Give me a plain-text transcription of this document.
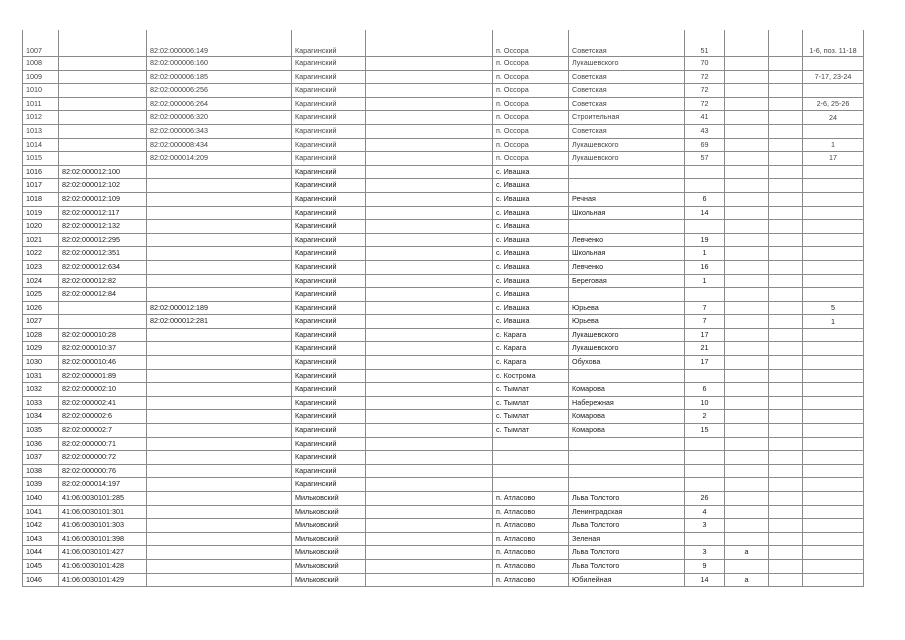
1007		82:02:000006:149	Карагинский		п. Оссора	Советская	51			1-6, поз. 11-18
1008		82:02:000006:160	Карагинский		п. Оссора	Лукашевского	70			
1009		82:02:000006:185	Карагинский		п. Оссора	Советская	72			7-17, 23-24
1010		82:02:000006:256	Карагинский		п. Оссора	Советская	72			
1011		82:02:000006:264	Карагинский		п. Оссора	Советская	72			2-6, 25-26
1012		82:02:000006:320	Карагинский		п. Оссора	Строительная	41			24
1013		82:02:000006:343	Карагинский		п. Оссора	Советская	43			
1014		82:02:000008:434	Карагинский		п. Оссора	Лукашевского	69			1
1015		82:02:000014:209	Карагинский		п. Оссора	Лукашевского	57			17
1016	82:02:000012:100		Карагинский		с. Ивашка					
1017	82:02:000012:102		Карагинский		с. Ивашка					
1018	82:02:000012:109		Карагинский		с. Ивашка	Речная	6			
1019	82:02:000012:117		Карагинский		с. Ивашка	Школьная	14			
1020	82:02:000012:132		Карагинский		с. Ивашка					
1021	82:02:000012:295		Карагинский		с. Ивашка	Левченко	19			
1022	82:02:000012:351		Карагинский		с. Ивашка	Школьная	1			
1023	82:02:000012:634		Карагинский		с. Ивашка	Левченко	16			
1024	82:02:000012:82		Карагинский		с. Ивашка	Береговая	1			
1025	82:02:000012:84		Карагинский		с. Ивашка					
1026		82:02:000012:189	Карагинский		с. Ивашка	Юрьева	7			5
1027		82:02:000012:281	Карагинский		с. Ивашка	Юрьева	7			1
1028	82:02:000010:28		Карагинский		с. Карага	Лукашевского	17			
1029	82:02:000010:37		Карагинский		с. Карага	Лукашевского	21			
1030	82:02:000010:46		Карагинский		с. Карага	Обухова	17			
1031	82:02:000001:89		Карагинский		с. Кострома					
1032	82:02:000002:10		Карагинский		с. Тымлат	Комарова	6			
1033	82:02:000002:41		Карагинский		с. Тымлат	Набережная	10			
1034	82:02:000002:6		Карагинский		с. Тымлат	Комарова	2			
1035	82:02:000002:7		Карагинский		с. Тымлат	Комарова	15			
1036	82:02:000000:71		Карагинский							
1037	82:02:000000:72		Карагинский							
1038	82:02:000000:76		Карагинский							
1039	82:02:000014:197		Карагинский							
1040	41:06:0030101:285		Мильковский		п. Атласово	Льва Толстого	26			
1041	41:06:0030101:301		Мильковский		п. Атласово	Ленинградская	4			
1042	41:06:0030101:303		Мильковский		п. Атласово	Льва Толстого	3			
1043	41:06:0030101:398		Мильковский		п. Атласово	Зеленая				
1044	41:06:0030101:427		Мильковский		п. Атласово	Льва Толстого	3	а		
1045	41:06:0030101:428		Мильковский		п. Атласово	Льва Толстого	9			
1046	41:06:0030101:429		Мильковский		п. Атласово	Юбилейная	14	а		
